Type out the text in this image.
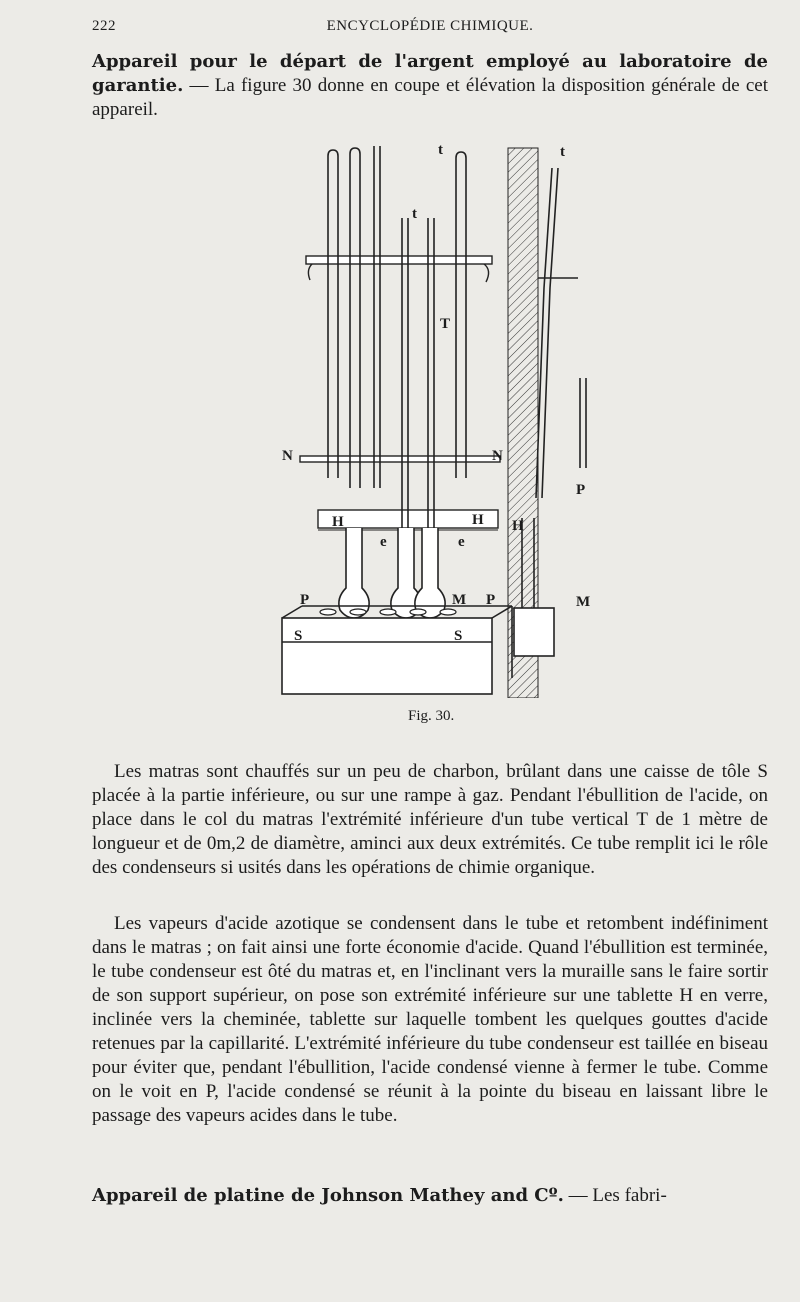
222	ENCYCLOPÉDIE CHIMIQUE.
Appareil pour le départ de l'argent employé au laboratoire de garantie. — La figure 30 donne en coupe et élévation la disposition générale de cet appareil.
t
t
t
T
N	N
H	H H
e	e
P	P
P
M	M
S	S
Fig. 30.
Les matras sont chauffés sur un peu de charbon, brûlant dans une caisse de tôle S placée à la partie inférieure, ou sur une rampe à gaz. Pendant l'ébullition de l'acide, on place dans le col du matras l'extrémité inférieure d'un tube vertical T de 1 mètre de longueur et de 0m,2 de diamètre, aminci aux deux extrémités. Ce tube remplit ici le rôle des condenseurs si usités dans les opérations de chimie organique.
Les vapeurs d'acide azotique se condensent dans le tube et retombent indéfiniment dans le matras ; on fait ainsi une forte économie d'acide. Quand l'ébullition est terminée, le tube condenseur est ôté du matras et, en l'inclinant vers la muraille sans le faire sortir de son support supérieur, on pose son extrémité inférieure sur une tablette H en verre, inclinée vers la cheminée, tablette sur laquelle tombent les quelques gouttes d'acide retenues par la capillarité. L'extrémité inférieure du tube condenseur est taillée en biseau pour éviter que, pendant l'ébullition, l'acide condensé vienne à fermer le tube. Comme on le voit en P, l'acide condensé se réunit à la pointe du biseau en laissant libre le passage des vapeurs acides dans le tube.
Appareil de platine de Johnson Mathey and Cº. — Les fabri-
